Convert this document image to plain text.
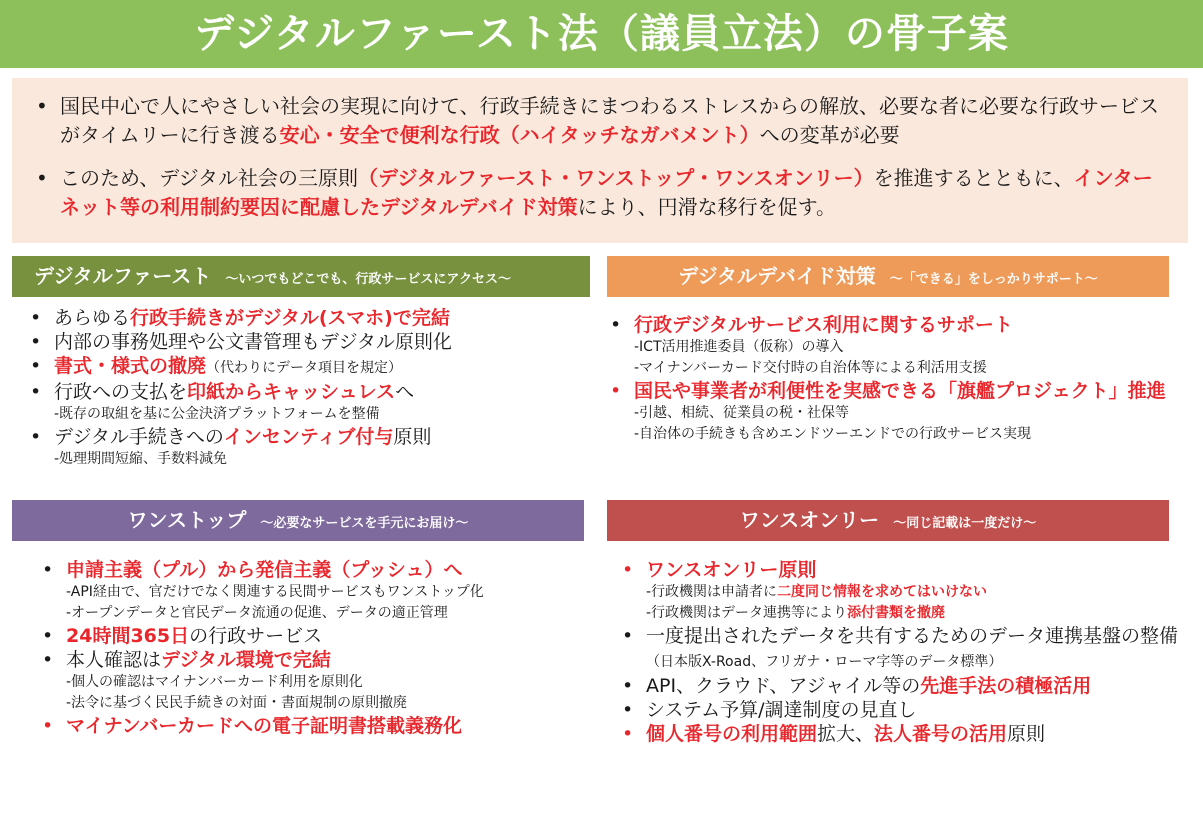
デジタルファースト法（議員立法）の骨子案
• 国民中心で人にやさしい社会の実現に向けて、行政手続きにまつわるストレスからの解放、必要な者に必要な行政サービスがタイムリーに行き渡る安心・安全で便利な行政（ハイタッチなガバメント）への変革が必要
• このため、デジタル社会の三原則（デジタルファースト・ワンストップ・ワンスオンリー）を推進するとともに、インターネット等の利用制約要因に配慮したデジタルデバイド対策により、円滑な移行を促す。
デジタルファースト ～いつでもどこでも、行政サービスにアクセス～
• あらゆる行政手続きがデジタル(スマホ)で完結
• 内部の事務処理や公文書管理もデジタル原則化
• 書式・様式の撤廃（代わりにデータ項目を規定）
• 行政への支払を印紙からキャッシュレスへ
-既存の取組を基に公金決済プラットフォームを整備
• デジタル手続きへのインセンティブ付与原則
-処理期間短縮、手数料減免
デジタルデバイド対策 ～「できる」をしっかりサポート～
• 行政デジタルサービス利用に関するサポート
-ICT活用推進委員（仮称）の導入
-マイナンバーカード交付時の自治体等による利活用支援
• 国民や事業者が利便性を実感できる「旗艦プロジェクト」推進
-引越、相続、従業員の税・社保等
-自治体の手続きも含めエンドツーエンドでの行政サービス実現
ワンストップ ～必要なサービスを手元にお届け～
• 申請主義（プル）から発信主義（プッシュ）へ
-API経由で、官だけでなく関連する民間サービスもワンストップ化
-オープンデータと官民データ流通の促進、データの適正管理
• 24時間365日の行政サービス
• 本人確認はデジタル環境で完結
-個人の確認はマイナンバーカード利用を原則化
-法令に基づく民民手続きの対面・書面規制の原則撤廃
• マイナンバーカードへの電子証明書搭載義務化
ワンスオンリー ～同じ記載は一度だけ～
• ワンスオンリー原則
-行政機関は申請者に二度同じ情報を求めてはいけない
-行政機関はデータ連携等により添付書類を撤廃
• 一度提出されたデータを共有するためのデータ連携基盤の整備（日本版X-Road、フリガナ・ローマ字等のデータ標準）
• API、クラウド、アジャイル等の先進手法の積極活用
• システム予算/調達制度の見直し
• 個人番号の利用範囲拡大、法人番号の活用原則
